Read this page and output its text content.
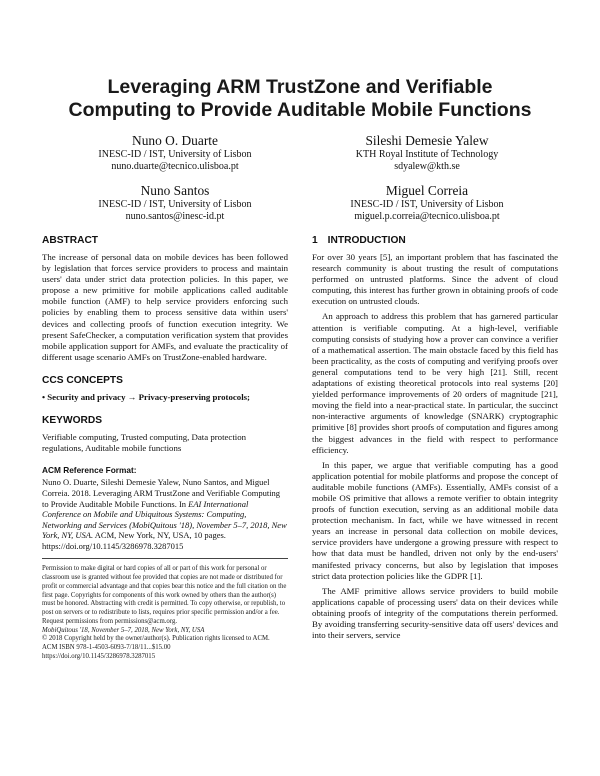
Leveraging ARM TrustZone and Verifiable
Computing to Provide Auditable Mobile Functions
Nuno O. Duarte
INESC-ID / IST, University of Lisbon
nuno.duarte@tecnico.ulisboa.pt
Sileshi Demesie Yalew
KTH Royal Institute of Technology
sdyalew@kth.se
Nuno Santos
INESC-ID / IST, University of Lisbon
nuno.santos@inesc-id.pt
Miguel Correia
INESC-ID / IST, University of Lisbon
miguel.p.correia@tecnico.ulisboa.pt
ABSTRACT

The increase of personal data on mobile devices has been followed by legislation that forces service providers to process and maintain users' data under strict data protection policies. In this paper, we propose a new primitive for mobile applications called auditable mobile function (AMF) to help service providers enforcing such policies by enabling them to process sensitive data within users' devices and collecting proofs of function execution integrity. We present SafeChecker, a computation verification system that provides mobile application support for AMFs, and evaluate the practicality of different usage scenario AMFs on TrustZone-enabled hardware.

CCS CONCEPTS
• Security and privacy → Privacy-preserving protocols;
KEYWORDS

Verifiable computing, Trusted computing, Data protection regulations, Auditable mobile functions

ACM Reference Format:
Nuno O. Duarte, Sileshi Demesie Yalew, Nuno Santos, and Miguel Correia. 2018. Leveraging ARM TrustZone and Verifiable Computing to Provide Auditable Mobile Functions. In EAI International Conference on Mobile and Ubiquitous Systems: Computing, Networking and Services (MobiQuitous '18), November 5–7, 2018, New York, NY, USA. ACM, New York, NY, USA, 10 pages. https://doi.org/10.1145/3286978.3287015
Permission to make digital or hard copies of all or part of this work for personal or classroom use is granted without fee provided that copies are not made or distributed for profit or commercial advantage and that copies bear this notice and the full citation on the first page. Copyrights for components of this work owned by others than the author(s) must be honored. Abstracting with credit is permitted. To copy otherwise, or republish, to post on servers or to redistribute to lists, requires prior specific permission and/or a fee. Request permissions from permissions@acm.org.
MobiQuitous '18, November 5–7, 2018, New York, NY, USA
© 2018 Copyright held by the owner/author(s). Publication rights licensed to ACM.
ACM ISBN 978-1-4503-6093-7/18/11...$15.00
https://doi.org/10.1145/3286978.3287015
1 INTRODUCTION

For over 30 years [5], an important problem that has fascinated the research community is about trusting the result of computations performed on untrusted platforms. Since the advent of cloud computing, this interest has further grown in obtaining proofs of code execution on untrusted clouds.

An approach to address this problem that has garnered particular attention is verifiable computing. At a high-level, verifiable computing consists of studying how a prover can convince a verifier of a mathematical assertion. The main obstacle faced by this field has been practicality, as the costs of computing and verifying proofs over general computations tend to be very high [21]. Still, recent adaptations of existing theoretical protocols into real systems [20] yielded performance improvements of 20 orders of magnitude [21], moving the field into a near-practical state. In particular, the succinct non-interactive arguments of knowledge (SNARK) cryptographic primitive [8] provides short proofs of computation and figures among the biggest advances in the field with respect to performance efficiency.

In this paper, we argue that verifiable computing has a good application potential for mobile platforms and propose the concept of auditable mobile functions (AMFs). Essentially, AMFs consist of a mobile OS primitive that allows a remote verifier to obtain integrity proofs of function execution, serving as an additional mobile data protection mechanism. In fact, while we have witnessed in recent years an increase in personal data collection on mobile devices, service providers have undergone a growing pressure with respect to how that data must be handled, driven not only by the end-users' manifested privacy concerns, but also by legislation that imposes strict data protection policies like the GDPR [1].

The AMF primitive allows service providers to build mobile applications capable of processing users' data on their devices while obtaining proofs of integrity of the computations therein performed. By avoiding transferring security-sensitive data off users' devices and into their servers, service
